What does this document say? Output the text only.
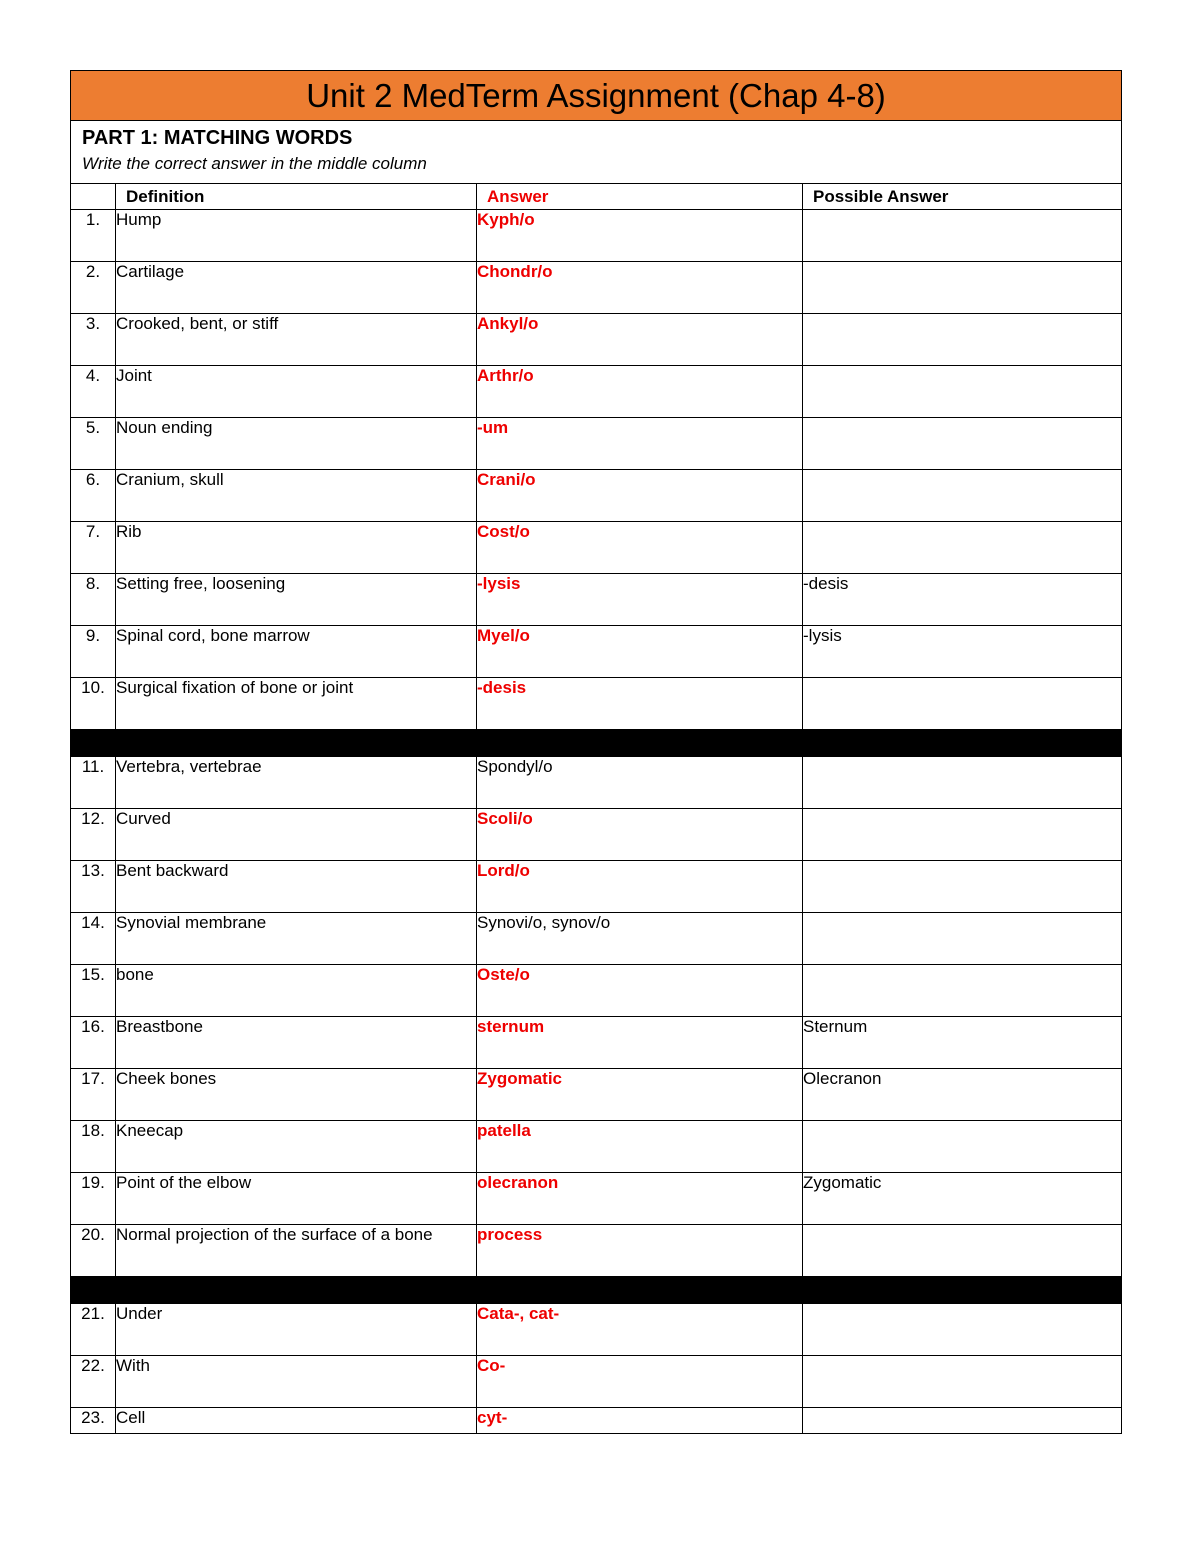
Unit 2 MedTerm Assignment (Chap 4-8)			

PART 1: MATCHING WORDS
Write the correct answer in the middle column			

	Definition	Answer	Possible Answer
1.	Hump	Kyph/o	
2.	Cartilage	Chondr/o	
3.	Crooked, bent, or stiff	Ankyl/o	
4.	Joint	Arthr/o	
5.	Noun ending	-um	
6.	Cranium, skull	Crani/o	
7.	Rib	Cost/o	
8.	Setting free, loosening	-lysis	-desis
9.	Spinal cord, bone marrow	Myel/o	-lysis
10.	Surgical fixation of bone or joint	-desis	

11.	Vertebra, vertebrae	Spondyl/o	
12.	Curved	Scoli/o	
13.	Bent backward	Lord/o	
14.	Synovial membrane	Synovi/o, synov/o	
15.	bone	Oste/o	
16.	Breastbone	sternum	Sternum
17.	Cheek bones	Zygomatic	Olecranon
18.	Kneecap	patella	
19.	Point of the elbow	olecranon	Zygomatic
20.	Normal projection of the surface of a bone	process	

21.	Under	Cata-, cat-	
22.	With	Co-	
23.	Cell	cyt-	
